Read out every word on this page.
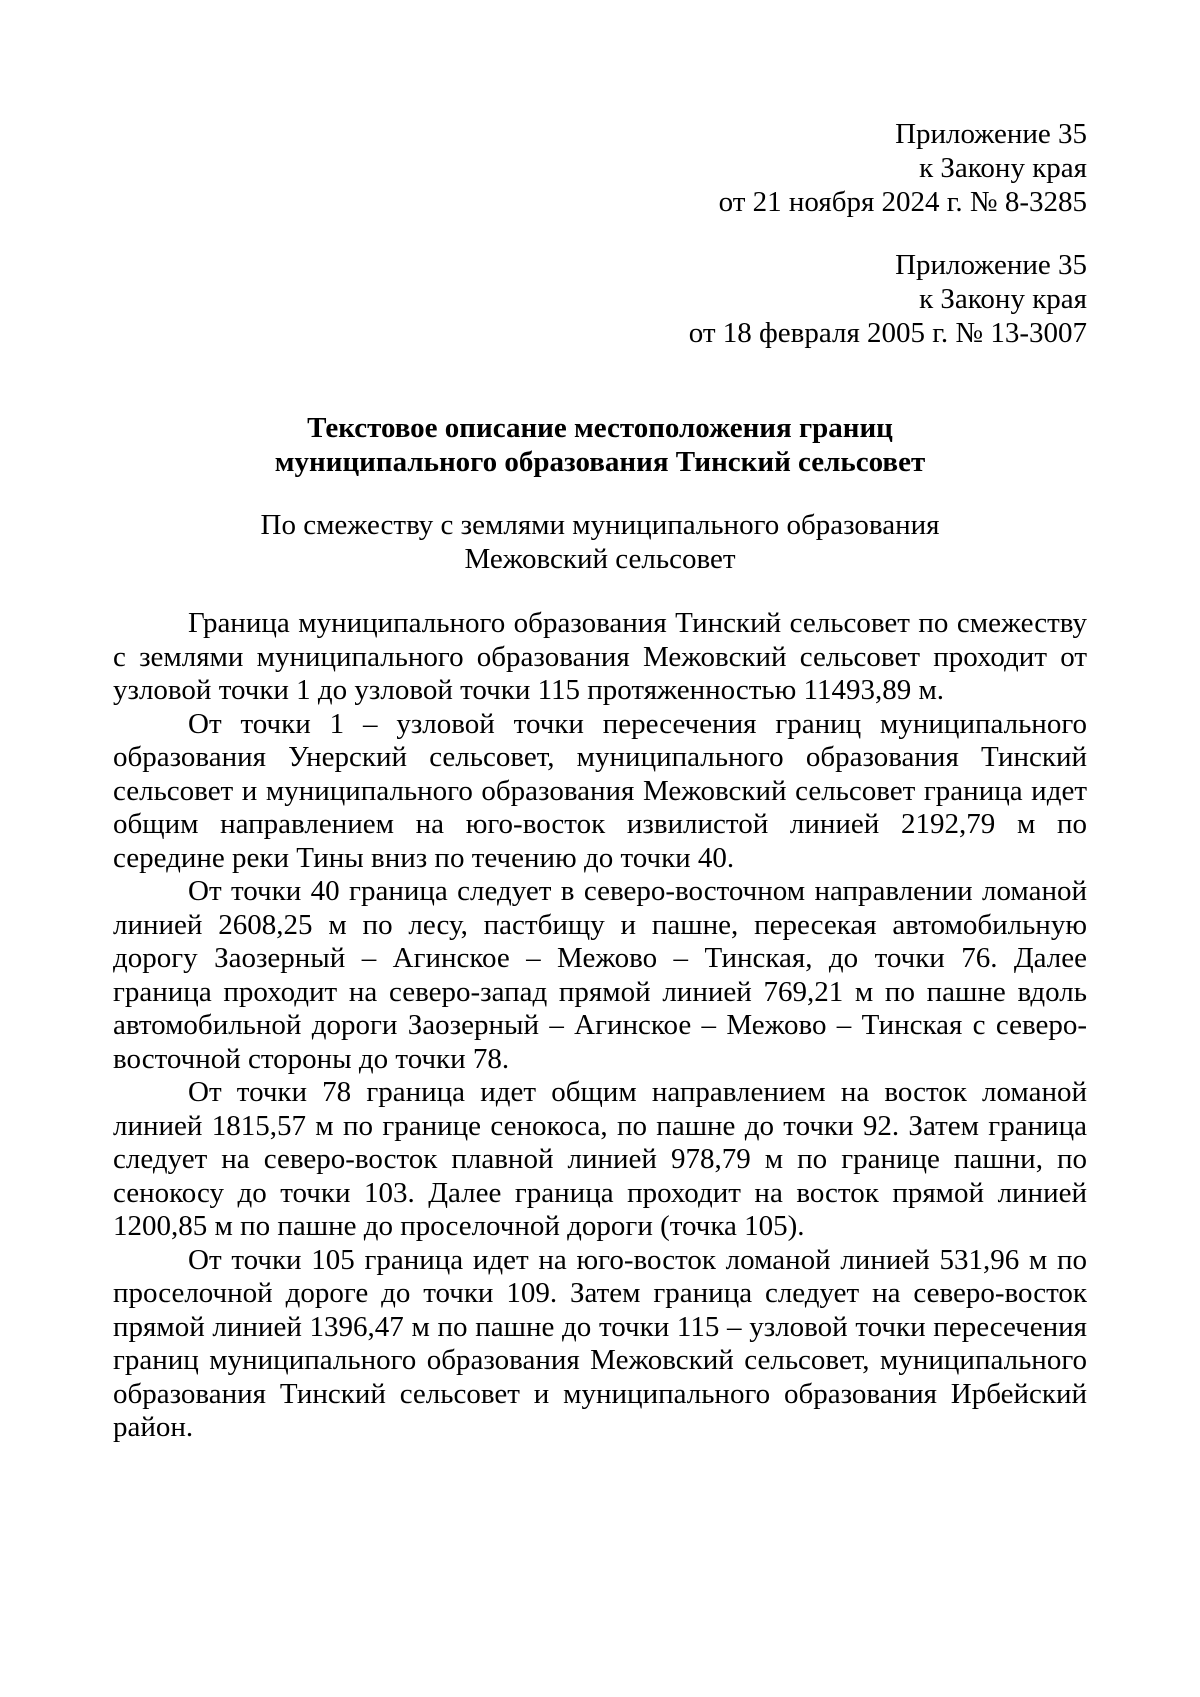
Приложение 35
к Закону края
от 21 ноября 2024 г. № 8-3285
Приложение 35
к Закону края
от 18 февраля 2005 г. № 13-3007
Текстовое описание местоположения границ
муниципального образования Тинский сельсовет
По смежеству с землями муниципального образования
Межовский сельсовет

Граница муниципального образования Тинский сельсовет по смежеству с землями муниципального образования Межовский сельсовет проходит от узловой точки 1 до узловой точки 115 протяженностью 11493,89 м.

От точки 1 – узловой точки пересечения границ муниципального образования Унерский сельсовет, муниципального образования Тинский сельсовет и муниципального образования Межовский сельсовет граница идет общим направлением на юго-восток извилистой линией 2192,79 м по середине реки Тины вниз по течению до точки 40.

От точки 40 граница следует в северо-восточном направлении ломаной линией 2608,25 м по лесу, пастбищу и пашне, пересекая автомобильную дорогу Заозерный – Агинское – Межово – Тинская, до точки 76. Далее граница проходит на северо-запад прямой линией 769,21 м по пашне вдоль автомобильной дороги Заозерный – Агинское – Межово – Тинская с северо-восточной стороны до точки 78.

От точки 78 граница идет общим направлением на восток ломаной линией 1815,57 м по границе сенокоса, по пашне до точки 92. Затем граница следует на северо-восток плавной линией 978,79 м по границе пашни, по сенокосу до точки 103. Далее граница проходит на восток прямой линией 1200,85 м по пашне до проселочной дороги (точка 105).

От точки 105 граница идет на юго-восток ломаной линией 531,96 м по проселочной дороге до точки 109. Затем граница следует на северо-восток прямой линией 1396,47 м по пашне до точки 115 – узловой точки пересечения границ муниципального образования Межовский сельсовет, муниципального образования Тинский сельсовет и муниципального образования Ирбейский район.
